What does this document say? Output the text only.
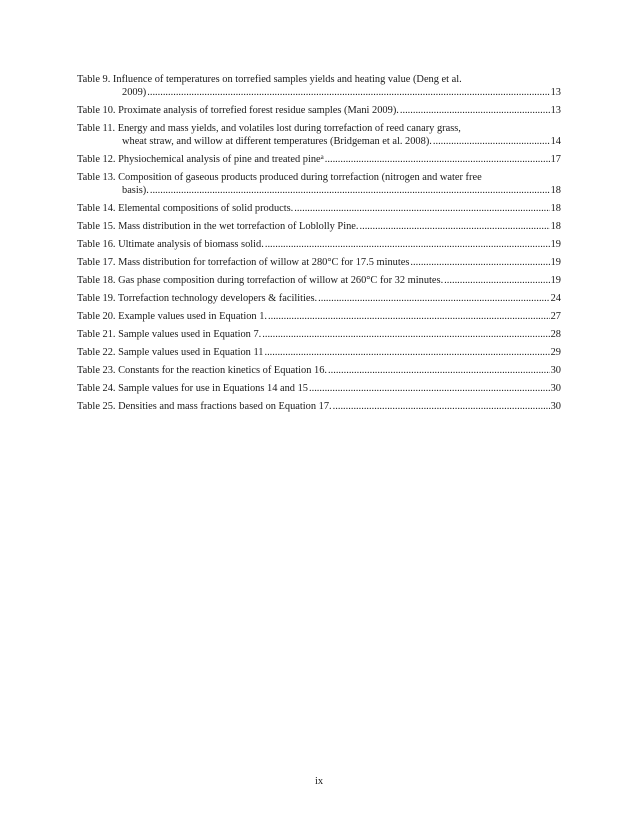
Table 9. Influence of temperatures on torrefied samples yields and heating value (Deng et al.
2009) .....	13
Table 10. Proximate analysis of torrefied forest residue samples (Mani 2009). .....	13
Table 11. Energy and mass yields, and volatiles lost during torrefaction of reed canary grass,
wheat straw, and willow at different temperatures (Bridgeman et al. 2008). .....	14
Table 12. Physiochemical analysis of pine and treated pine a .....	17
Table 13. Composition of gaseous products produced during torrefaction (nitrogen and water free
basis). .....	18
Table 14. Elemental compositions of solid products. .....	18
Table 15. Mass distribution in the wet torrefaction of Loblolly Pine. .....	18
Table 16. Ultimate analysis of biomass solid. .....	19
Table 17. Mass distribution for torrefaction of willow at 280°C for 17.5 minutes .....	19
Table 18. Gas phase composition during torrefaction of willow at 260°C for 32 minutes. .....	19
Table 19. Torrefaction technology developers & facilities. .....	24
Table 20. Example values used in Equation 1. .....	27
Table 21. Sample values used in Equation 7. .....	28
Table 22. Sample values used in Equation 11 .....	29
Table 23. Constants for the reaction kinetics of Equation 16. .....	30
Table 24. Sample values for use in Equations 14 and 15 .....	30
Table 25. Densities and mass fractions based on Equation 17. .....	30
ix
